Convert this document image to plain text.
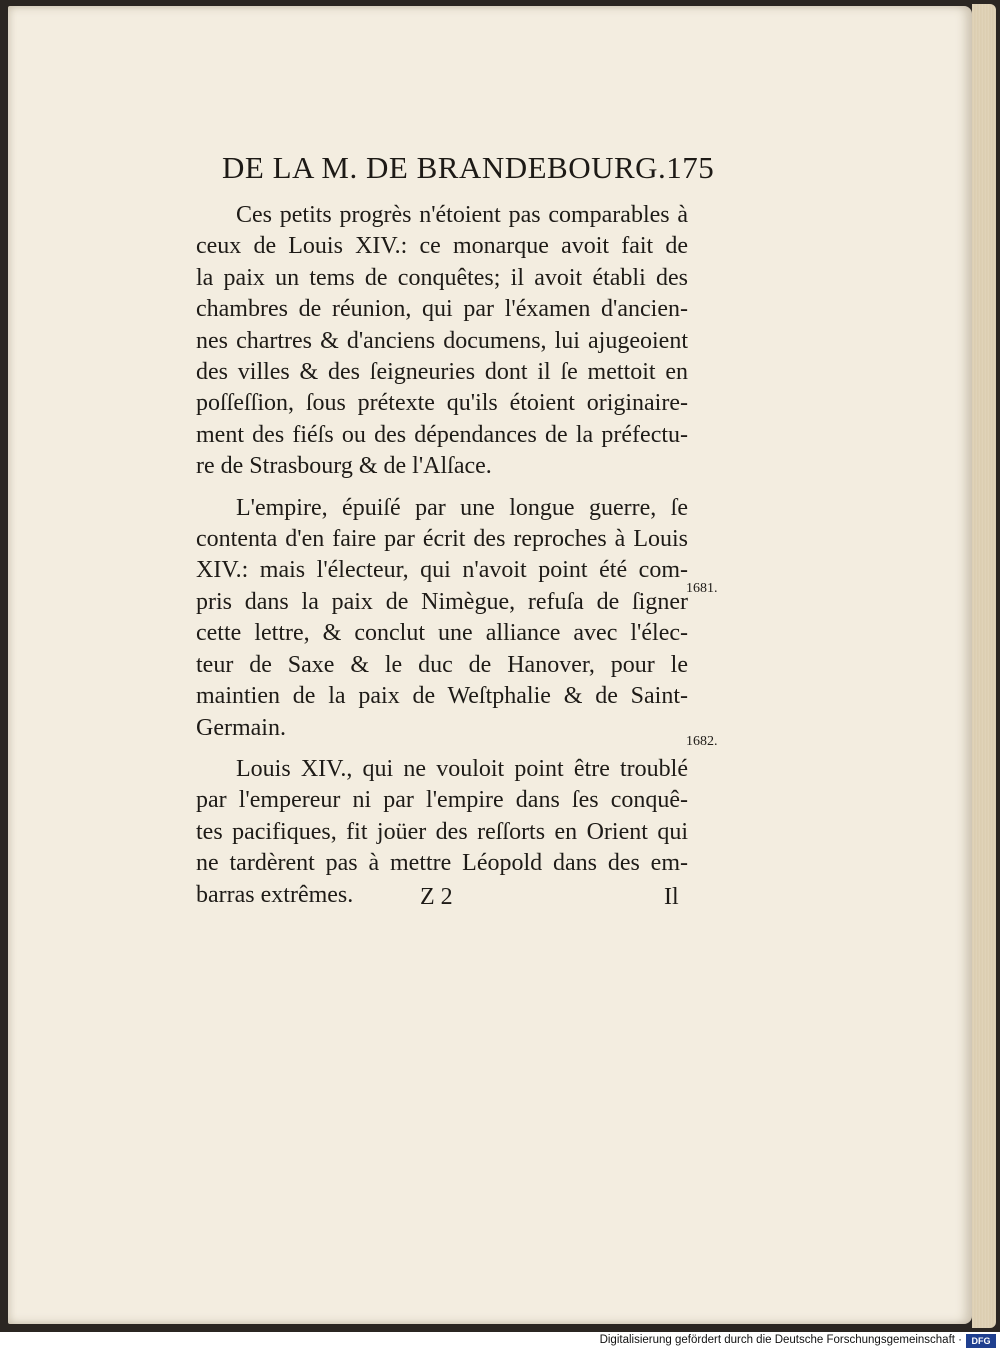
DE LA M. DE BRANDEBOURG. 175
Ces petits progrès n'étoient pas comparables à
ceux de Louis XIV.: ce monarque avoit fait de
la paix un tems de conquêtes; il avoit établi des
chambres de réunion, qui par l'éxamen d'ancien-
nes chartres & d'anciens documens, lui ajugeoient
des villes & des ſeigneuries dont il ſe mettoit en
poſſeſſion, ſous prétexte qu'ils étoient originaire-
ment des fiéſs ou des dépendances de la préfectu-
re de Strasbourg & de l'Alſace.
L'empire, épuiſé par une longue guerre, ſe
contenta d'en faire par écrit des reproches à Louis
XIV.: mais l'électeur, qui n'avoit point été com-
pris dans la paix de Nimègue, refuſa de ſigner
cette lettre, & conclut une alliance avec l'élec-
teur de Saxe & le duc de Hanover, pour le
maintien de la paix de Weſtphalie & de Saint-
Germain.
Louis XIV., qui ne vouloit point être troublé
par l'empereur ni par l'empire dans ſes conquê-
tes pacifiques, fit joüer des reſſorts en Orient qui
ne tardèrent pas à mettre Léopold dans des em-
barras extrêmes.
1681.
1682.
Z 2	Il
Digitalisierung gefördert durch die Deutsche Forschungsgemeinschaft ·	DFG
